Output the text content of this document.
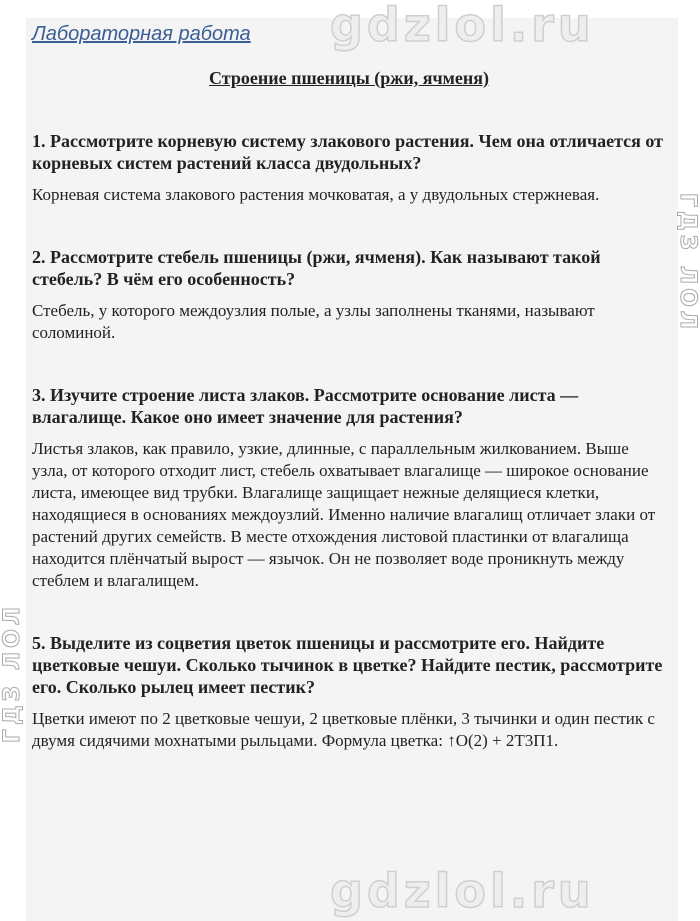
gdzlol.ru
gdzlol.ru
ГДЗ ЛОЛ
ГДЗ ЛОЛ
Лабораторная работа
Строение пшеницы (ржи, ячменя)
1. Рассмотрите корневую систему злакового растения. Чем она отличается от корневых систем растений класса двудольных?
Корневая система злакового растения мочковатая, а у двудольных стержневая.
2. Рассмотрите стебель пшеницы (ржи, ячменя). Как называют такой стебель? В чём его особенность?
Стебель, у которого междоузлия полые, а узлы заполнены тканями, называют соломиной.
3. Изучите строение листа злаков. Рассмотрите основание листа — влагалище. Какое оно имеет значение для растения?
Листья злаков, как правило, узкие, длинные, с параллельным жилкованием. Выше узла, от которого отходит лист, стебель охватывает влагалище — широкое основание листа, имеющее вид трубки. Влагалище защищает нежные делящиеся клетки, находящиеся в основаниях междоузлий. Именно наличие влагалищ отличает злаки от растений других семейств. В месте отхождения листовой пластинки от влагалища находится плёнчатый вырост — язычок. Он не позволяет воде проникнуть между стеблем и влагалищем.
5. Выделите из соцветия цветок пшеницы и рассмотрите его. Найдите цветковые чешуи. Сколько тычинок в цветке? Найдите пестик, рассмотрите его. Сколько рылец имеет пестик?
Цветки имеют по 2 цветковые чешуи, 2 цветковые плёнки, 3 тычинки и один пестик с двумя сидячими мохнатыми рыльцами. Формула цветка: ↑O(2) + 2T3П1.
